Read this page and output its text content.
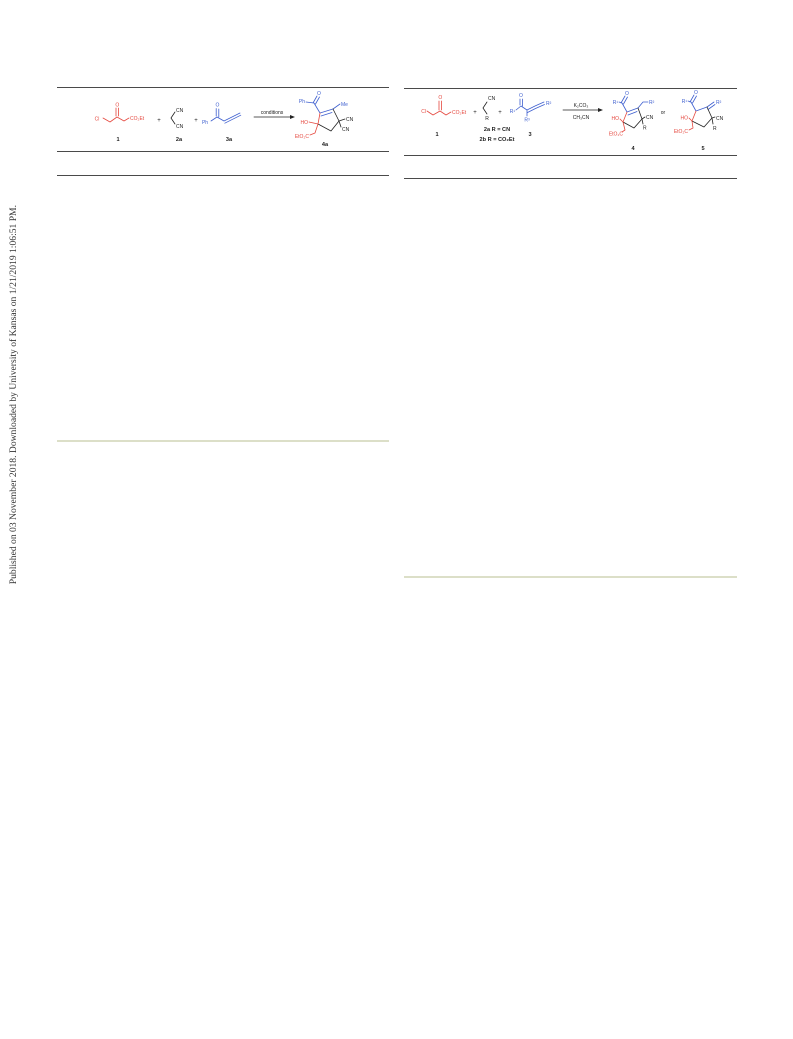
Published on 03 November 2018. Downloaded by University of Kansas on 1/21/2019 1:06:51 PM.
Cl
O
CO₂Et
1
+
CN
CN
2a
+ Ph
O
3a
conditions
Ph
O
Me
HO	CN
CN
EtO₂C
4a
Cl
O
CO₂Et
1
+
CN
R
2a R = CN
2b R = CO₂Et
+ R¹
O
R²
R³
3
K₂CO₃
CH₃CN
R¹
O
R²
HO	CN
R
EtO₂C
4
or
R¹
O
R²
HO	CN
R
EtO₂C
5
